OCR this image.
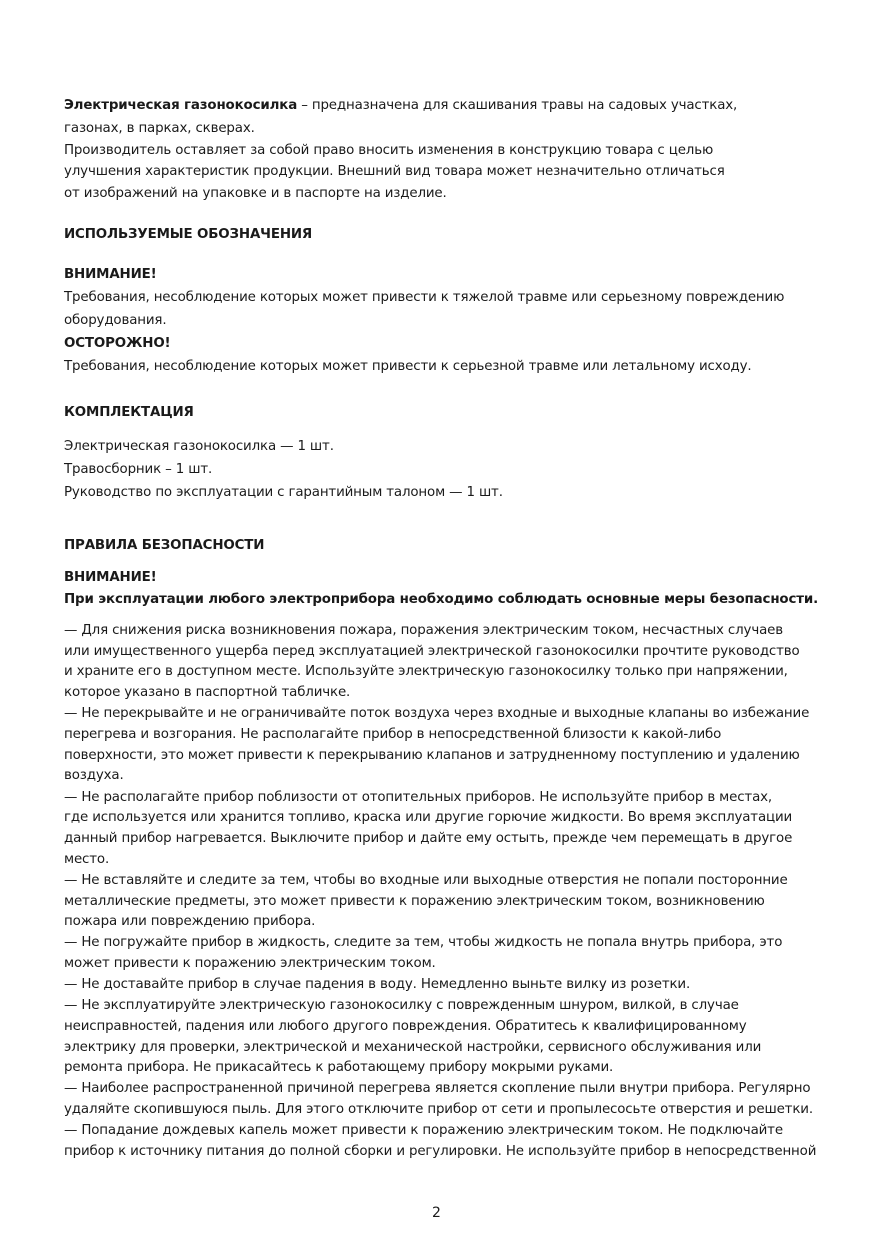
Электрическая газонокосилка – предназначена для скашивания травы на садовых участках,

газонах, в парках, скверах.

Производитель оставляет за собой право вносить изменения в конструкцию товара с целью

улучшения характеристик продукции. Внешний вид товара может незначительно отличаться

от изображений на упаковке и в паспорте на изделие.

ИСПОЛЬЗУЕМЫЕ ОБОЗНАЧЕНИЯ

ВНИМАНИЕ!

Требования, несоблюдение которых может привести к тяжелой травме или серьезному повреждению

оборудования.

ОСТОРОЖНО!

Требования, несоблюдение которых может привести к серьезной травме или летальному исходу.

КОМПЛЕКТАЦИЯ

Электрическая газонокосилка — 1 шт.

Травосборник – 1 шт.

Руководство по эксплуатации с гарантийным талоном — 1 шт.

ПРАВИЛА БЕЗОПАСНОСТИ

ВНИМАНИЕ!

При эксплуатации любого электроприбора необходимо соблюдать основные меры безопасности.

— Для снижения риска возникновения пожара, поражения электрическим током, несчастных случаев

или имущественного ущерба перед эксплуатацией электрической газонокосилки прочтите руководство

и храните его в доступном месте. Используйте электрическую газонокосилку только при напряжении,

которое указано в паспортной табличке.

— Не перекрывайте и не ограничивайте поток воздуха через входные и выходные клапаны во избежание

перегрева и возгорания. Не располагайте прибор в непосредственной близости к какой-либо

поверхности, это может привести к перекрыванию клапанов и затрудненному поступлению и удалению

воздуха.

— Не располагайте прибор поблизости от отопительных приборов. Не используйте прибор в местах,

где используется или хранится топливо, краска или другие горючие жидкости. Во время эксплуатации

данный прибор нагревается. Выключите прибор и дайте ему остыть, прежде чем перемещать в другое

место.

— Не вставляйте и следите за тем, чтобы во входные или выходные отверстия не попали посторонние

металлические предметы, это может привести к поражению электрическим током, возникновению

пожара или повреждению прибора.

— Не погружайте прибор в жидкость, следите за тем, чтобы жидкость не попала внутрь прибора, это

может привести к поражению электрическим током.

— Не доставайте прибор в случае падения в воду. Немедленно выньте вилку из розетки.

— Не эксплуатируйте электрическую газонокосилку с поврежденным шнуром, вилкой, в случае

неисправностей, падения или любого другого повреждения. Обратитесь к квалифицированному

электрику для проверки, электрической и механической настройки, сервисного обслуживания или

ремонта прибора. Не прикасайтесь к работающему прибору мокрыми руками.

— Наиболее распространенной причиной перегрева является скопление пыли внутри прибора. Регулярно

удаляйте скопившуюся пыль. Для этого отключите прибор от сети и пропылесосьте отверстия и решетки.

— Попадание дождевых капель может привести к поражению электрическим током. Не подключайте

прибор к источнику питания до полной сборки и регулировки. Не используйте прибор в непосредственной

2
